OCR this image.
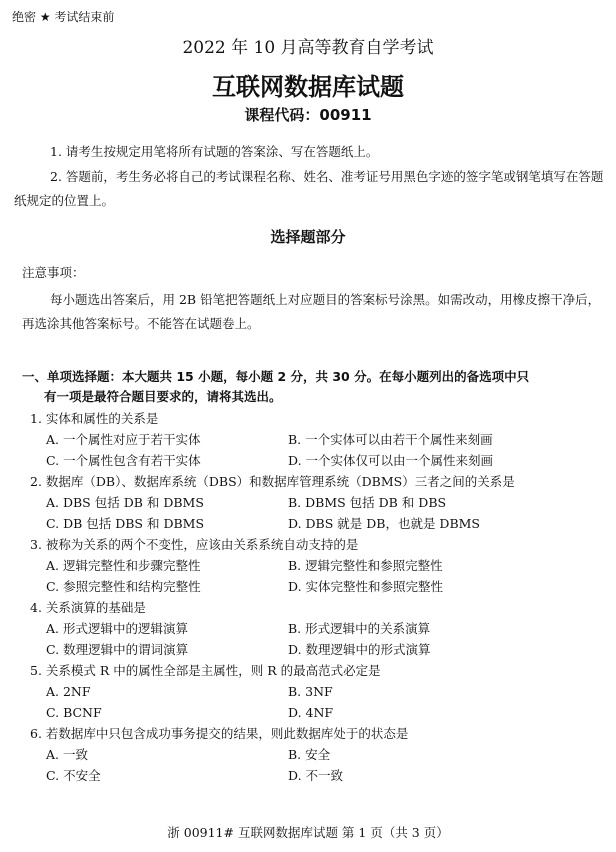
绝密 ★ 考试结束前
2022 年 10 月高等教育自学考试
互联网数据库试题
课程代码：00911

1. 请考生按规定用笔将所有试题的答案涂、写在答题纸上。

2. 答题前，考生务必将自己的考试课程名称、姓名、准考证号用黑色字迹的签字笔或钢笔填写在答题纸规定的位置上。

选择题部分
注意事项：

每小题选出答案后，用 2B 铅笔把答题纸上对应题目的答案标号涂黑。如需改动，用橡皮擦干净后，再选涂其他答案标号。不能答在试题卷上。

一、单项选择题：本大题共 15 小题，每小题 2 分，共 30 分。在每小题列出的备选项中只
有一项是最符合题目要求的，请将其选出。
1. 实体和属性的关系是
A. 一个属性对应于若干实体	B. 一个实体可以由若干个属性来刻画
C. 一个属性包含有若干实体	D. 一个实体仅可以由一个属性来刻画
2. 数据库（DB）、数据库系统（DBS）和数据库管理系统（DBMS）三者之间的关系是
A. DBS 包括 DB 和 DBMS	B. DBMS 包括 DB 和 DBS
C. DB 包括 DBS 和 DBMS	D. DBS 就是 DB，也就是 DBMS
3. 被称为关系的两个不变性，应该由关系系统自动支持的是
A. 逻辑完整性和步骤完整性	B. 逻辑完整性和参照完整性
C. 参照完整性和结构完整性	D. 实体完整性和参照完整性
4. 关系演算的基础是
A. 形式逻辑中的逻辑演算	B. 形式逻辑中的关系演算
C. 数理逻辑中的谓词演算	D. 数理逻辑中的形式演算
5. 关系模式 R 中的属性全部是主属性，则 R 的最高范式必定是
A. 2NF	B. 3NF
C. BCNF	D. 4NF
6. 若数据库中只包含成功事务提交的结果，则此数据库处于的状态是
A. 一致	B. 安全
C. 不安全	D. 不一致
浙 00911# 互联网数据库试题 第 1 页（共 3 页）
